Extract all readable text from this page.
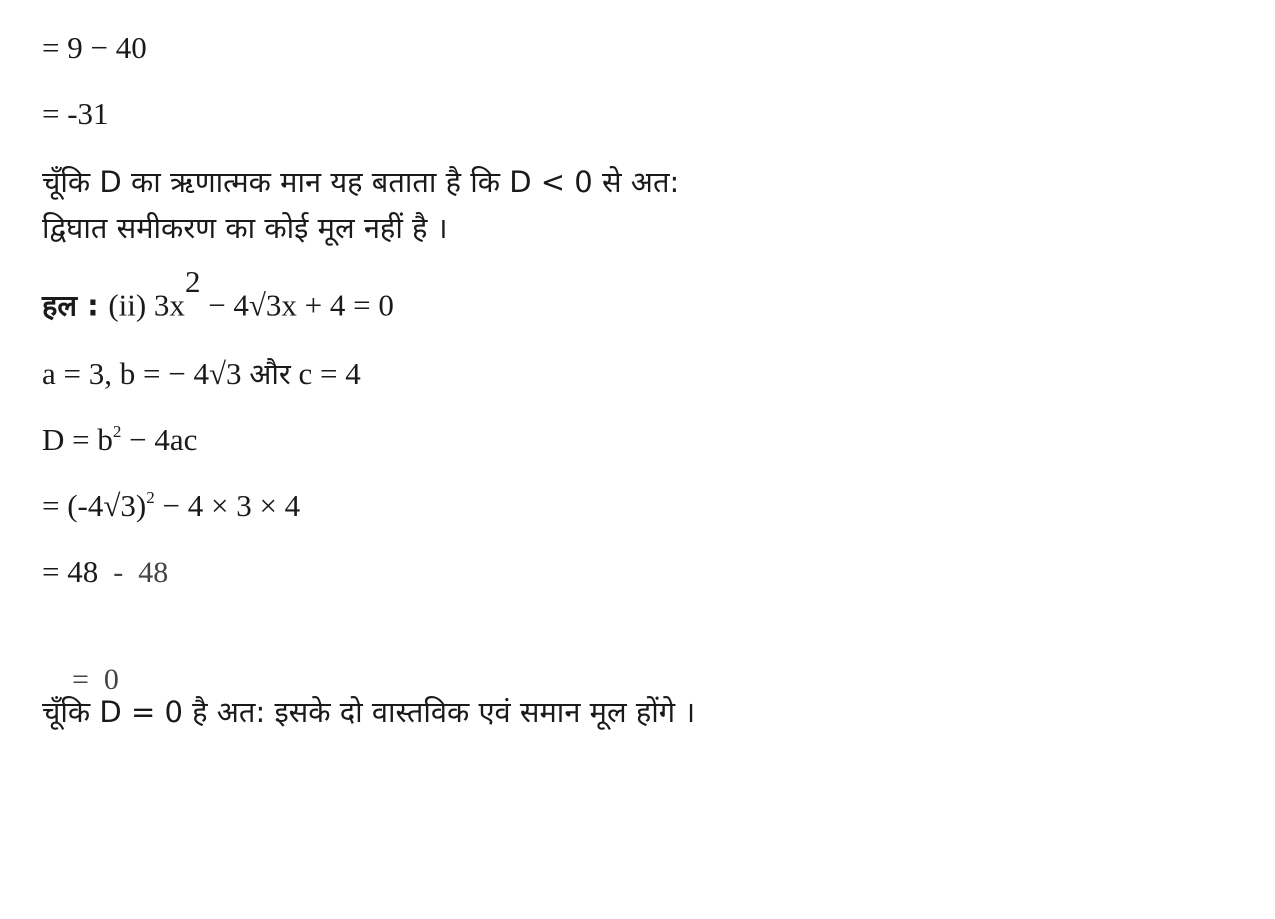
= 9 − 40
= -31
चूँकि D का ऋणात्मक मान यह बताता है कि D < 0 से अत:
द्विघात समीकरण का कोई मूल नहीं है ।
हल : (ii) $3x^2 - 4√3x + 4 = 0$
a = 3, b = − 4√3 और c = 4
$D = b^2 - 4ac$
= $(-4√3)^2 - 4 \times 3 \times 4$
= 48  -  48

=  0

चूँकि D = 0 है अत: इसके दो वास्तविक एवं समान मूल होंगे ।
